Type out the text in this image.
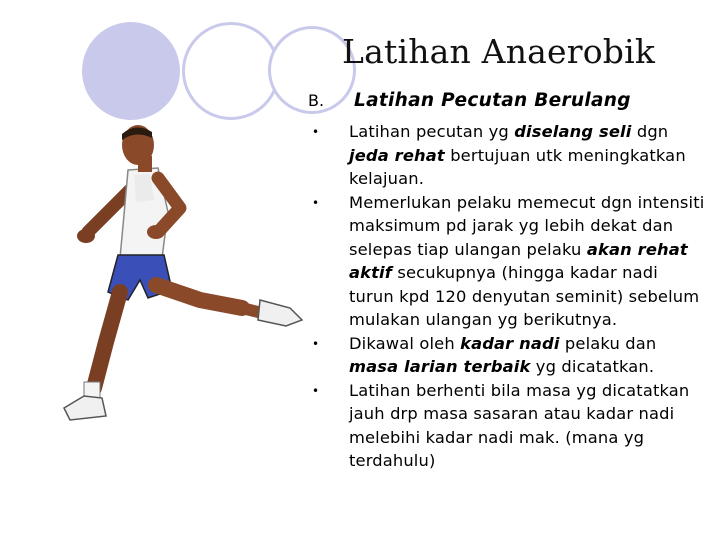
Latihan Anaerobik
B. Latihan Pecutan Berulang
• Latihan pecutan yg diselang seli dgn jeda rehat bertujuan utk meningkatkan kelajuan.
• Memerlukan pelaku memecut dgn intensiti maksimum pd jarak yg lebih dekat dan selepas tiap ulangan pelaku akan rehat aktif secukupnya (hingga kadar nadi turun kpd 120 denyutan seminit) sebelum mulakan ulangan yg berikutnya.
• Dikawal oleh kadar nadi pelaku dan masa larian terbaik yg dicatatkan.
• Latihan berhenti bila masa yg dicatatkan jauh drp masa sasaran atau kadar nadi melebihi kadar nadi mak. (mana yg terdahulu)
